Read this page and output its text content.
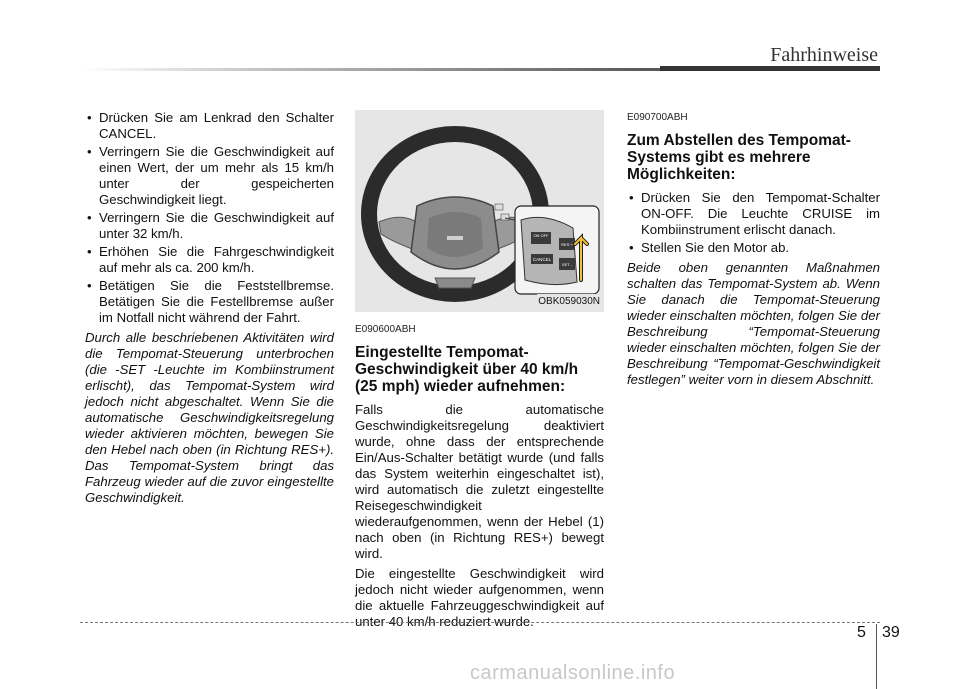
Fahrhinweise
• Drücken Sie am Lenkrad den Schalter CANCEL.
• Verringern Sie die Geschwindigkeit auf einen Wert, der um mehr als 15 km/h unter der gespeicherten Geschwindigkeit liegt.
• Verringern Sie die Geschwindigkeit auf unter 32 km/h.
• Erhöhen Sie die Fahrgeschwindigkeit auf mehr als ca. 200 km/h.
• Betätigen Sie die Feststellbremse. Betätigen Sie die Festellbremse außer im Notfall nicht während der Fahrt.

Durch alle beschriebenen Aktivitäten wird die Tempomat-Steuerung unterbrochen (die -SET -Leuchte im Kombiinstrument erlischt), das Tempomat-System wird jedoch nicht abgeschaltet. Wenn Sie die automatische Geschwindigkeitsregelung wieder aktivieren möchten, bewegen Sie den Hebel nach oben (in Richtung RES+). Das Tempomat-System bringt das Fahrzeug wieder auf die zuvor eingestellte Geschwindigkeit.

ON OFF
CANCEL
RES +
SET -
OBK059030N

E090600ABH

Eingestellte Tempomat-Geschwindigkeit über 40 km/h (25 mph) wieder aufnehmen:

Falls die automatische Geschwindigkeitsregelung deaktiviert wurde, ohne dass der entsprechende Ein/Aus-Schalter betätigt wurde (und falls das System weiterhin eingeschaltet ist), wird automatisch die zuletzt eingestellte Reisegeschwindigkeit wiederaufgenommen, wenn der Hebel (1) nach oben (in Richtung RES+) bewegt wird.

Die eingestellte Geschwindigkeit wird jedoch nicht wieder aufgenommen, wenn die aktuelle Fahrzeuggeschwindigkeit auf unter 40 km/h reduziert wurde.

E090700ABH

Zum Abstellen des Tempomat-Systems gibt es mehrere Möglichkeiten:

• Drücken Sie den Tempomat-Schalter ON-OFF. Die Leuchte CRUISE im Kombiinstrument erlischt danach.
• Stellen Sie den Motor ab.

Beide oben genannten Maßnahmen schalten das Tempomat-System ab. Wenn Sie danach die Tempomat-Steuerung wieder einschalten möchten, folgen Sie der Beschreibung “Tempomat-Steuerung wieder einschalten möchten, folgen Sie der Beschreibung “Tempomat-Geschwindigkeit festlegen” weiter vorn in diesem Abschnitt.

5 39
carmanualsonline.info
